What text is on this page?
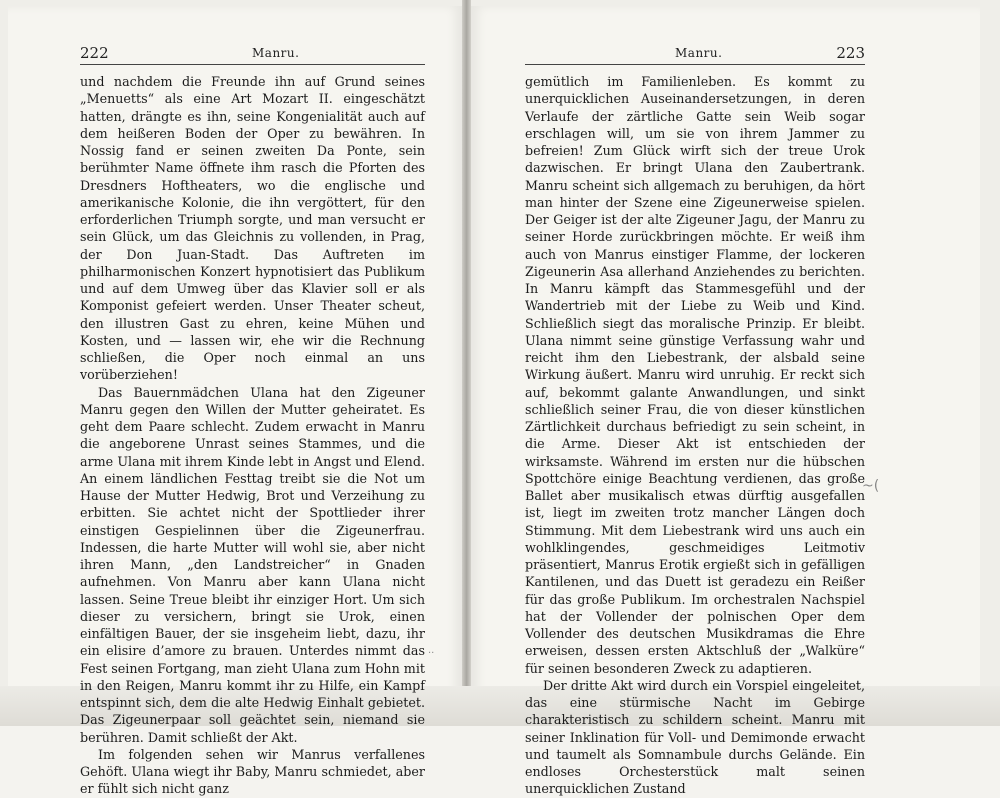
222	Manru.	Manru.	223

und nachdem die Freunde ihn auf Grund seines „Menuetts“ als eine Art Mozart II. eingeschätzt hatten, drängte es ihn, seine Kongenialität auch auf dem heißeren Boden der Oper zu bewähren. In Nossig fand er seinen zweiten Da Ponte, sein berühmter Name öffnete ihm rasch die Pforten des Dresdners Hoftheaters, wo die englische und amerikanische Kolonie, die ihn vergöttert, für den erforderlichen Triumph sorgte, und man versucht er sein Glück, um das Gleichnis zu vollenden, in Prag, der Don Juan-Stadt. Das Auftreten im philharmonischen Konzert hypnotisiert das Publikum und auf dem Umweg über das Klavier soll er als Komponist gefeiert werden. Unser Theater scheut, den illustren Gast zu ehren, keine Mühen und Kosten, und — lassen wir, ehe wir die Rechnung schließen, die Oper noch einmal an uns vorüberziehen!

Das Bauernmädchen Ulana hat den Zigeuner Manru gegen den Willen der Mutter geheiratet. Es geht dem Paare schlecht. Zudem erwacht in Manru die angeborene Unrast seines Stammes, und die arme Ulana mit ihrem Kinde lebt in Angst und Elend. An einem ländlichen Festtag treibt sie die Not um Hause der Mutter Hedwig, Brot und Verzeihung zu erbitten. Sie achtet nicht der Spottlieder ihrer einstigen Gespielinnen über die Zigeunerfrau. Indessen, die harte Mutter will wohl sie, aber nicht ihren Mann, „den Landstreicher“ in Gnaden aufnehmen. Von Manru aber kann Ulana nicht lassen. Seine Treue bleibt ihr einziger Hort. Um sich dieser zu versichern, bringt sie Urok, einen einfältigen Bauer, der sie insgeheim liebt, dazu, ihr ein elisire d’amore zu brauen. Unterdes nimmt das Fest seinen Fortgang, man zieht Ulana zum Hohn mit in den Reigen, Manru kommt ihr zu Hilfe, ein Kampf entspinnt sich, dem die alte Hedwig Einhalt gebietet. Das Zigeunerpaar soll geächtet sein, niemand sie berühren. Damit schließt der Akt.

Im folgenden sehen wir Manrus verfallenes Gehöft. Ulana wiegt ihr Baby, Manru schmiedet, aber er fühlt sich nicht ganz

gemütlich im Familienleben. Es kommt zu unerquicklichen Auseinandersetzungen, in deren Verlaufe der zärtliche Gatte sein Weib sogar erschlagen will, um sie von ihrem Jammer zu befreien! Zum Glück wirft sich der treue Urok dazwischen. Er bringt Ulana den Zaubertrank. Manru scheint sich allgemach zu beruhigen, da hört man hinter der Szene eine Zigeunerweise spielen. Der Geiger ist der alte Zigeuner Jagu, der Manru zu seiner Horde zurückbringen möchte. Er weiß ihm auch von Manrus einstiger Flamme, der lockeren Zigeunerin Asa allerhand Anziehendes zu berichten. In Manru kämpft das Stammesgefühl und der Wandertrieb mit der Liebe zu Weib und Kind. Schließlich siegt das moralische Prinzip. Er bleibt. Ulana nimmt seine günstige Verfassung wahr und reicht ihm den Liebestrank, der alsbald seine Wirkung äußert. Manru wird unruhig. Er reckt sich auf, bekommt galante Anwandlungen, und sinkt schließlich seiner Frau, die von dieser künstlichen Zärtlichkeit durchaus befriedigt zu sein scheint, in die Arme. Dieser Akt ist entschieden der wirksamste. Während im ersten nur die hübschen Spottchöre einige Beachtung verdienen, das große Ballet aber musikalisch etwas dürftig ausgefallen ist, liegt im zweiten trotz mancher Längen doch Stimmung. Mit dem Liebestrank wird uns auch ein wohlklingendes, geschmeidiges Leitmotiv präsentiert, Manrus Erotik ergießt sich in gefälligen Kantilenen, und das Duett ist geradezu ein Reißer für das große Publikum. Im orchestralen Nachspiel hat der Vollender der polnischen Oper dem Vollender des deutschen Musikdramas die Ehre erweisen, dessen ersten Aktschluß der „Walküre“ für seinen besonderen Zweck zu adaptieren.

Der dritte Akt wird durch ein Vorspiel eingeleitet, das eine stürmische Nacht im Gebirge charakteristisch zu schildern scheint. Manru mit seiner Inklination für Voll- und Demimonde erwacht und taumelt als Somnambule durchs Gelände. Ein endloses Orchesterstück malt seinen unerquicklichen Zustand

~(
··
